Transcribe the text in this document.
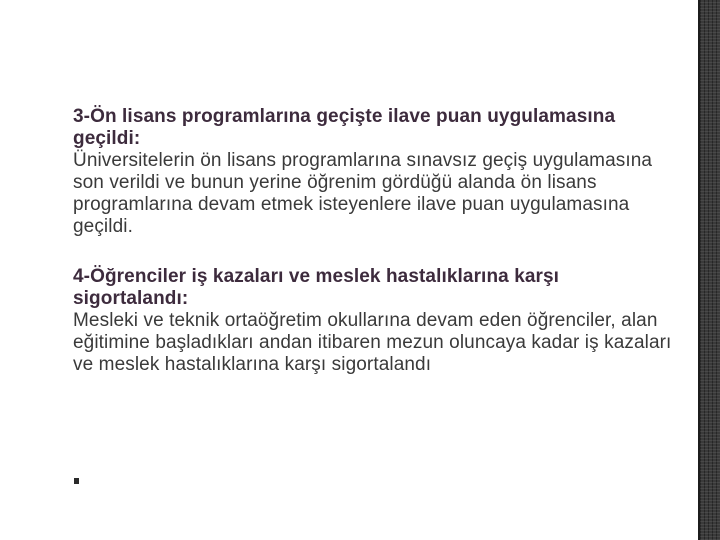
3-Ön lisans programlarına geçişte ilave puan uygulamasına geçildi:
Üniversitelerin ön lisans programlarına sınavsız geçiş uygulamasına son verildi ve bunun yerine öğrenim gördüğü alanda ön lisans programlarına devam etmek isteyenlere ilave puan uygulamasına geçildi.

4-Öğrenciler iş kazaları ve meslek hastalıklarına karşı sigortalandı:
Mesleki ve teknik ortaöğretim okullarına devam eden öğrenciler, alan eğitimine başladıkları andan itibaren mezun oluncaya kadar iş kazaları ve meslek hastalıklarına karşı sigortalandı
